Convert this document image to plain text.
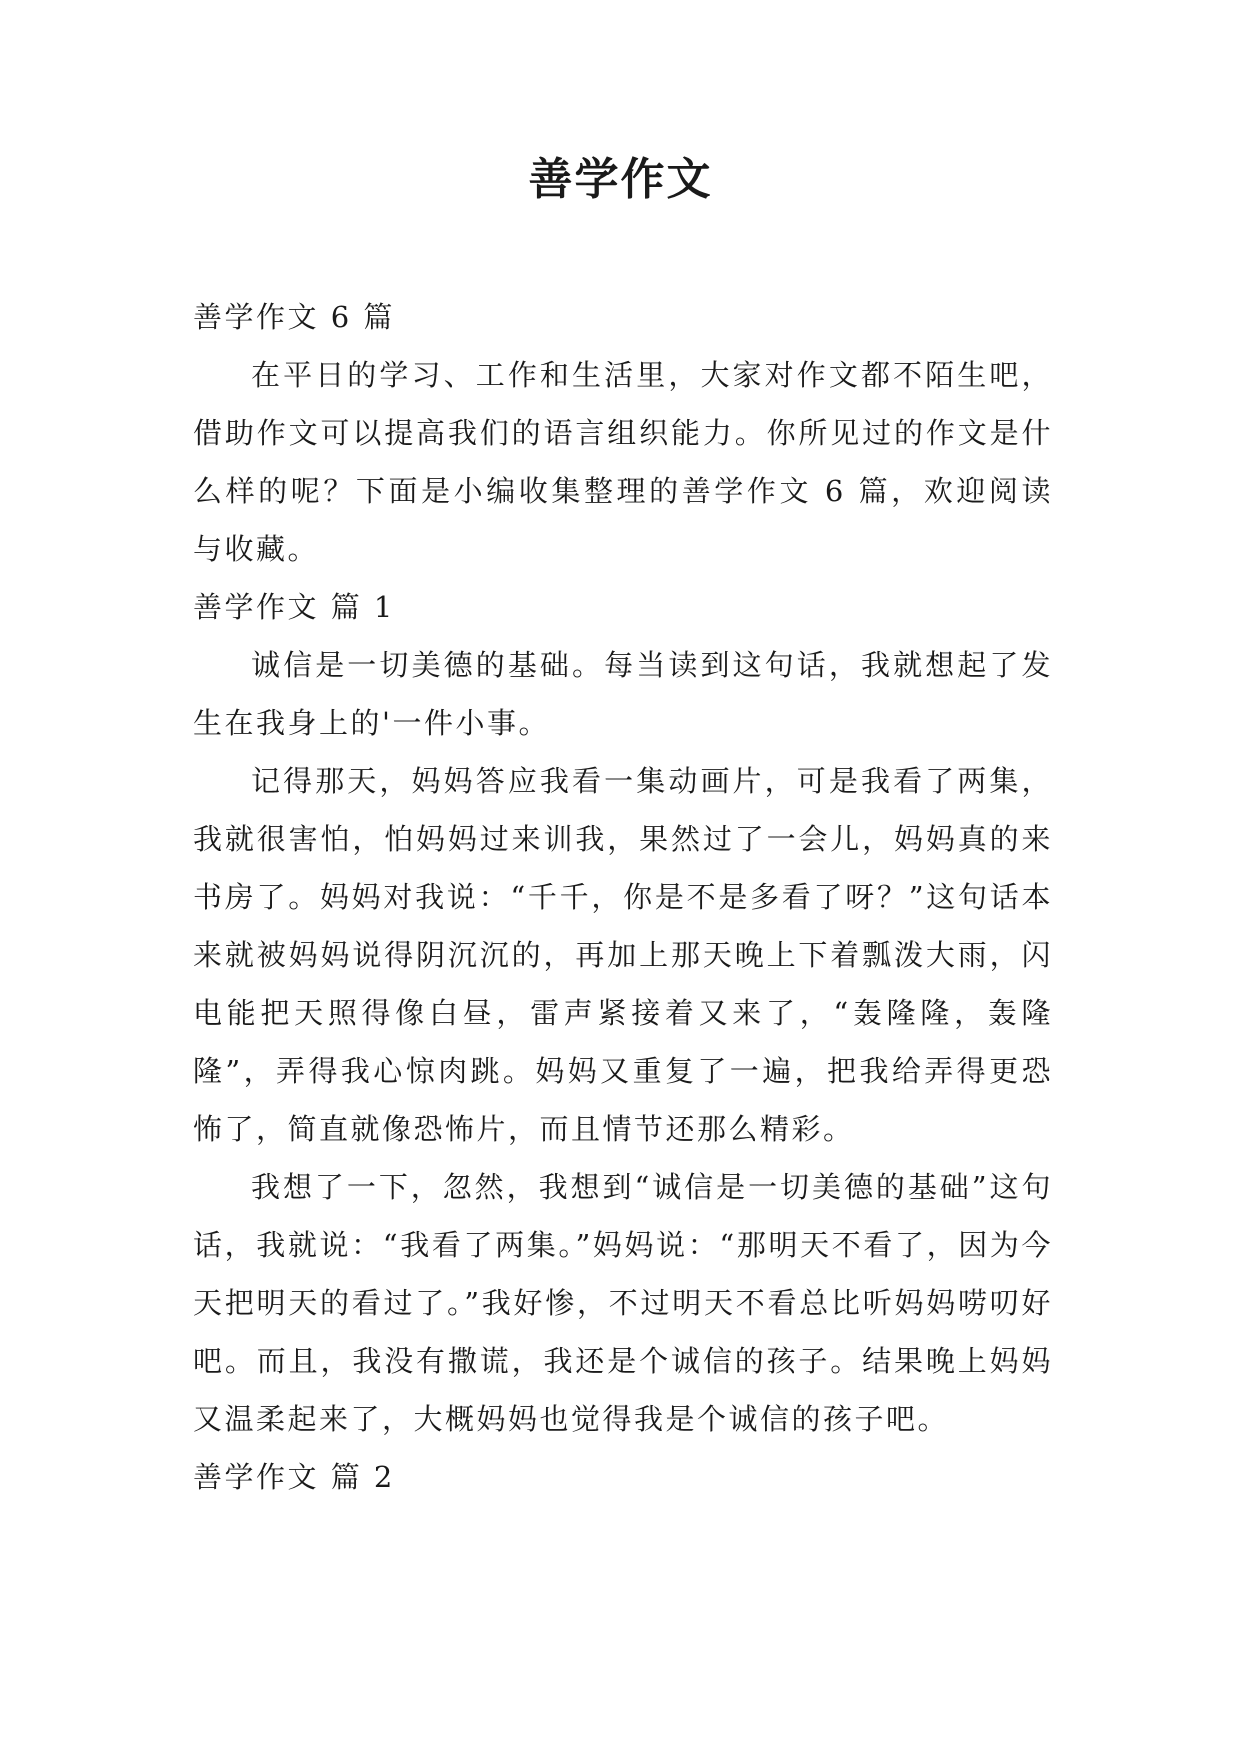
善学作文

善学作文 6 篇

在平日的学习、工作和生活里，大家对作文都不陌生吧，借助作文可以提高我们的语言组织能力。你所见过的作文是什么样的呢？下面是小编收集整理的善学作文 6 篇，欢迎阅读与收藏。

善学作文 篇 1

诚信是一切美德的基础。每当读到这句话，我就想起了发生在我身上的'一件小事。

记得那天，妈妈答应我看一集动画片，可是我看了两集，我就很害怕，怕妈妈过来训我，果然过了一会儿，妈妈真的来书房了。妈妈对我说：“千千，你是不是多看了呀？”这句话本来就被妈妈说得阴沉沉的，再加上那天晚上下着瓢泼大雨，闪电能把天照得像白昼，雷声紧接着又来了，“轰隆隆，轰隆隆”，弄得我心惊肉跳。妈妈又重复了一遍，把我给弄得更恐怖了，简直就像恐怖片，而且情节还那么精彩。

我想了一下，忽然，我想到“诚信是一切美德的基础”这句话，我就说：“我看了两集。”妈妈说：“那明天不看了，因为今天把明天的看过了。”我好惨，不过明天不看总比听妈妈唠叨好吧。而且，我没有撒谎，我还是个诚信的孩子。结果晚上妈妈又温柔起来了，大概妈妈也觉得我是个诚信的孩子吧。

善学作文 篇 2
